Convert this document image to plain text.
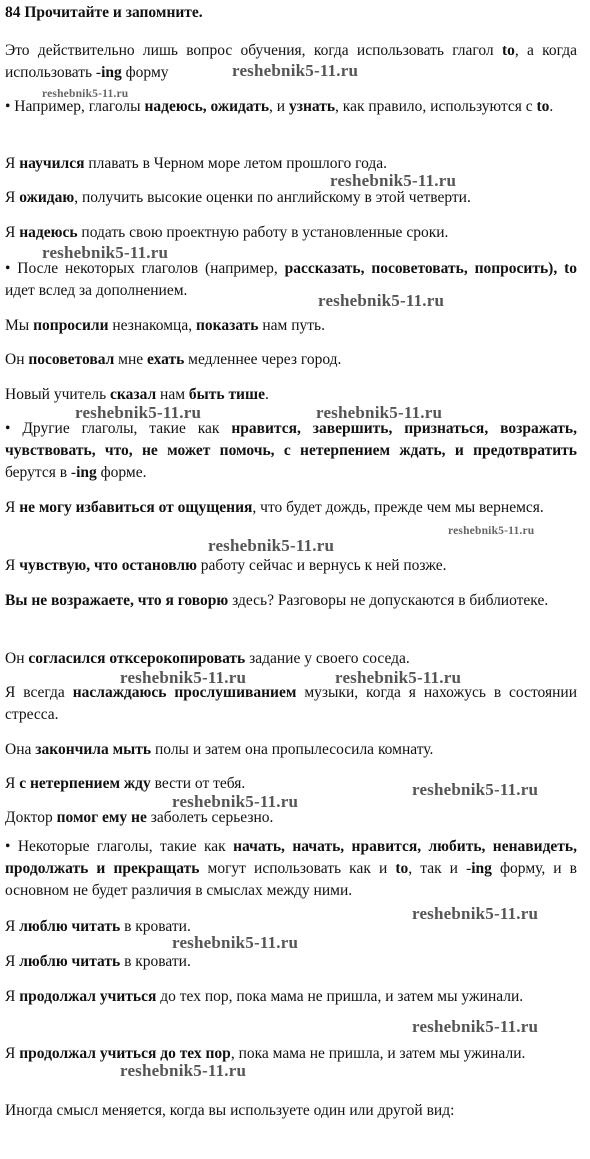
84 Прочитайте и запомните.
Это действительно лишь вопрос обучения, когда использовать глагол to, а когда использовать -ing форму
• Например, глаголы надеюсь, ожидать, и узнать, как правило, используются с to.
Я научился плавать в Черном море летом прошлого года.
Я ожидаю, получить высокие оценки по английскому в этой четверти.
Я надеюсь подать свою проектную работу в установленные сроки.
• После некоторых глаголов (например, рассказать, посоветовать, попросить), to идет вслед за дополнением.
Мы попросили незнакомца, показать нам путь.
Он посоветовал мне ехать медленнее через город.
Новый учитель сказал нам быть тише.
• Другие глаголы, такие как нравится, завершить, признаться, возражать, чувствовать, что, не может помочь, с нетерпением ждать, и предотвратить берутся в -ing форме.
Я не могу избавиться от ощущения, что будет дождь, прежде чем мы вернемся.
Я чувствую, что остановлю работу сейчас и вернусь к ней позже.
Вы не возражаете, что я говорю здесь? Разговоры не допускаются в библиотеке.
Он согласился отксерокопировать задание у своего соседа.
Я всегда наслаждаюсь прослушиванием музыки, когда я нахожусь в состоянии стресса.
Она закончила мыть полы и затем она пропылесосила комнату.
Я с нетерпением жду вести от тебя.
Доктор помог ему не заболеть серьезно.
• Некоторые глаголы, такие как начать, начать, нравится, любить, ненавидеть, продолжать и прекращать могут использовать как и to, так и -ing форму, и в основном не будет различия в смыслах между ними.
Я люблю читать в кровати.
Я люблю читать в кровати.
Я продолжал учиться до тех пор, пока мама не пришла, и затем мы ужинали.
Я продолжал учиться до тех пор, пока мама не пришла, и затем мы ужинали.
Иногда смысл меняется, когда вы используете один или другой вид:
reshebnik5-11.ru
reshebnik5-11.ru
reshebnik5-11.ru
reshebnik5-11.ru
reshebnik5-11.ru
reshebnik5-11.ru	reshebnik5-11.ru
reshebnik5-11.ru
reshebnik5-11.ru
reshebnik5-11.ru	reshebnik5-11.ru
reshebnik5-11.ru
reshebnik5-11.ru
reshebnik5-11.ru
reshebnik5-11.ru
reshebnik5-11.ru
reshebnik5-11.ru
